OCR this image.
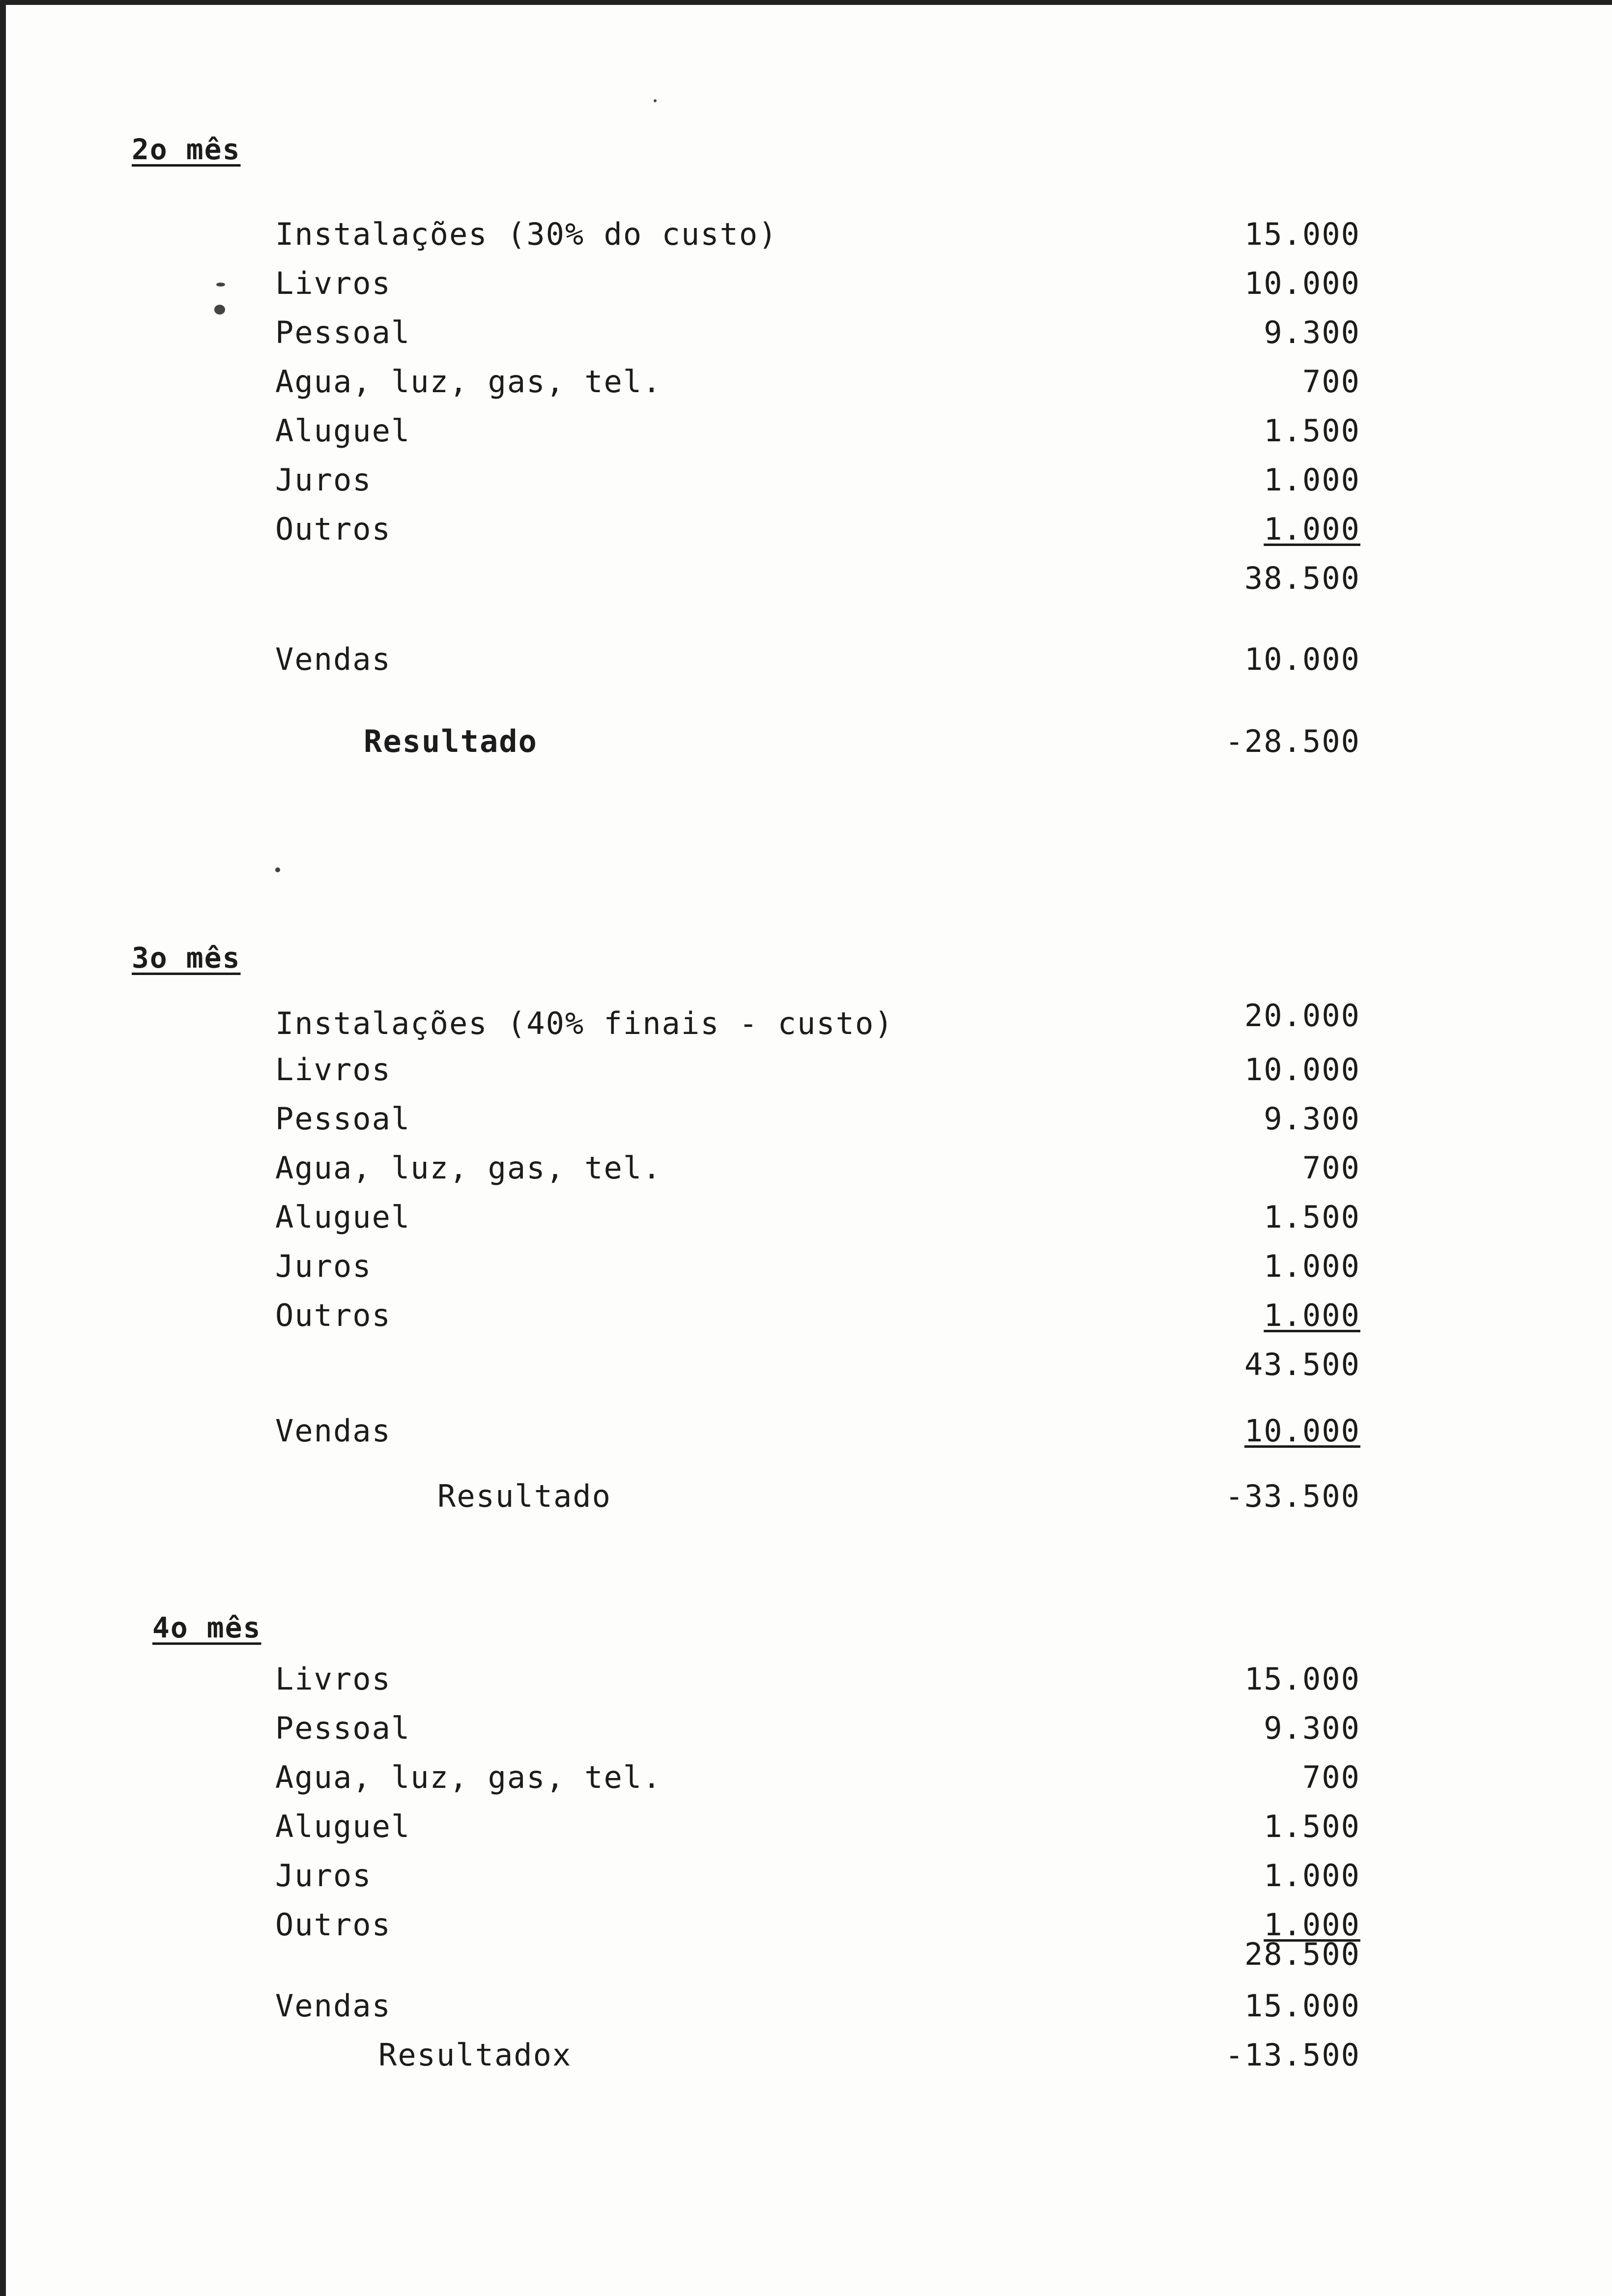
2o mês
Instalações (30% do custo)	15.000
Livros	10.000
Pessoal	9.300
Agua, luz, gas, tel.	700
Aluguel	1.500
Juros	1.000
Outros	1.000
38.500
Vendas	10.000
Resultado	-28.500
3o mês
Instalações (40% finais - custo)	20.000
Livros	10.000
Pessoal	9.300
Agua, luz, gas, tel.	700
Aluguel	1.500
Juros	1.000
Outros	1.000
43.500
Vendas	10.000
Resultado	-33.500
4o mês
Livros	15.000
Pessoal	9.300
Agua, luz, gas, tel.	700
Aluguel	1.500
Juros	1.000
Outros	1.000
28.500
Vendas	15.000
Resultadox	-13.500
